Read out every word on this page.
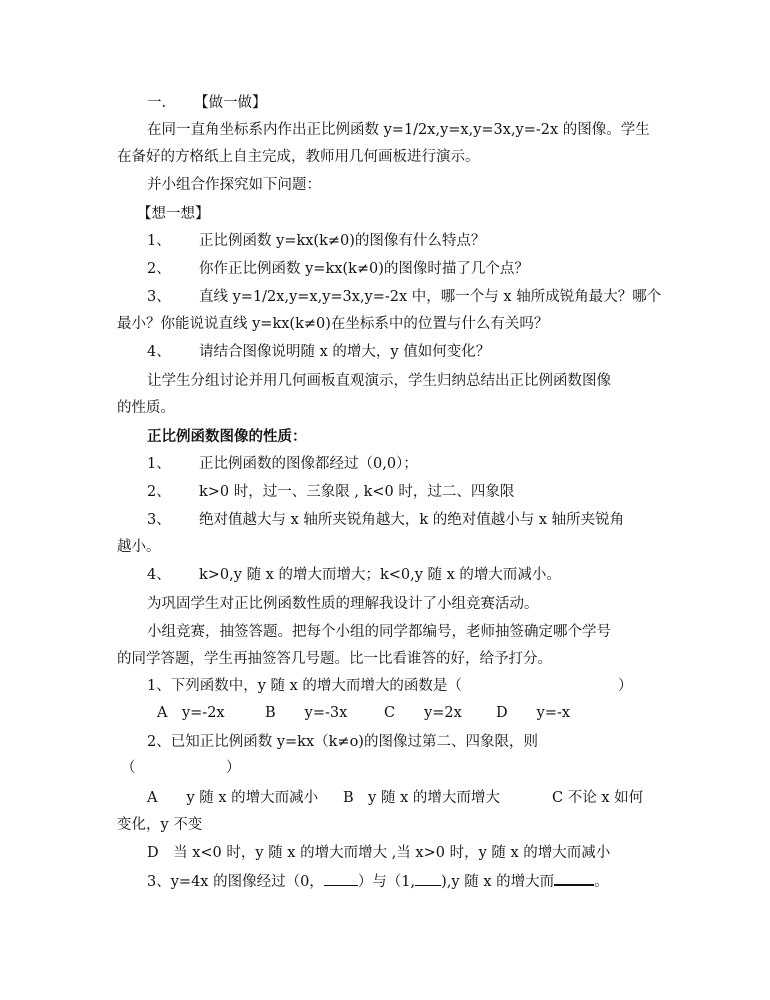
一. 【做一做】
在同一直角坐标系内作出正比例函数 y=1/2x,y=x,y=3x,y=-2x 的图像。学生
在备好的方格纸上自主完成，教师用几何画板进行演示。
并小组合作探究如下问题：
【想一想】
1、 正比例函数 y=kx(k≠0)的图像有什么特点？
2、 你作正比例函数 y=kx(k≠0)的图像时描了几个点？
3、 直线 y=1/2x,y=x,y=3x,y=-2x 中，哪一个与 x 轴所成锐角最大？哪个
最小？你能说说直线 y=kx(k≠0)在坐标系中的位置与什么有关吗？
4、 请结合图像说明随 x 的增大，y 值如何变化？
让学生分组讨论并用几何画板直观演示，学生归纳总结出正比例函数图像
的性质。
正比例函数图像的性质：
1、 正比例函数的图像都经过（0,0）；
2、 k>0 时，过一、三象限 , k<0 时，过二、四象限
3、 绝对值越大与 x 轴所夹锐角越大，k 的绝对值越小与 x 轴所夹锐角
越小。
4、 k>0,y 随 x 的增大而增大；k<0,y 随 x 的增大而减小。
为巩固学生对正比例函数性质的理解我设计了小组竞赛活动。
小组竞赛，抽签答题。把每个小组的同学都编号，老师抽签确定哪个学号
的同学答题，学生再抽签答几号题。比一比看谁答的好，给予打分。
1、下列函数中，y 随 x 的增大而增大的函数是（	）
A　y=-2x	B　　y=-3x	C　　y=2x D　　y=-x
2、已知正比例函数 y=kx（k≠o)的图像过第二、四象限，则
（	）
A　　y 随 x 的增大而减小 B　y 随 x 的增大而增大	C 不论 x 如何
变化，y 不变
D　当 x<0 时，y 随 x 的增大而增大 ,当 x>0 时，y 随 x 的增大而减小
3、y=4x 的图像经过（0， ）与（1, ),y 随 x 的增大而	。
